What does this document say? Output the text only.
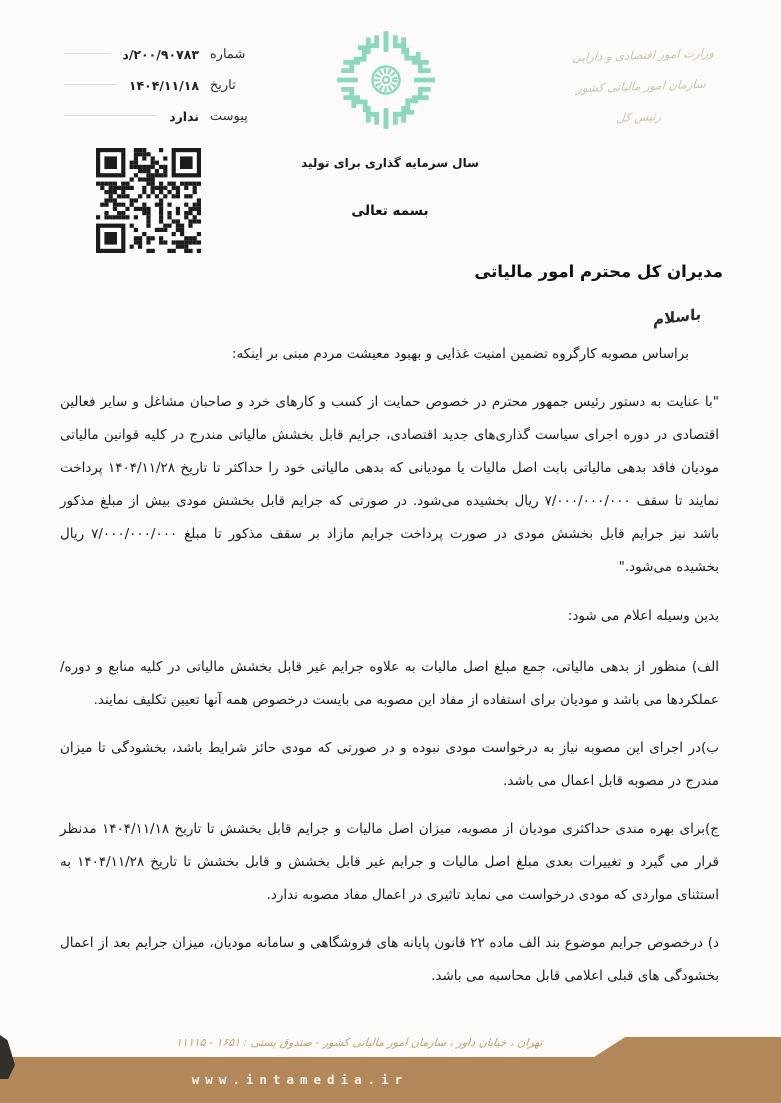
وزارت امور اقتصادی و دارایی
سازمان امور مالیاتی کشور
رئیس کل
شماره
۲۰۰/۹۰۷۸۳/د
تاریخ
۱۴۰۴/۱۱/۱۸
پیوست
ندارد
سال سرمایه گذاری برای تولید
بسمه تعالی
مدیران کل محترم امور مالیاتی
باسلام

براساس مصوبه کارگروه تضمین امنیت غذایی و بهبود معیشت مردم مبنی بر اینکه:

"با عنایت به دستور رئیس جمهور محترم در خصوص حمایت از کسب و کارهای خرد و صاحبان مشاغل و سایر فعالین اقتصادی در دوره اجرای سیاست گذاری‌های جدید اقتصادی، جرایم قابل بخشش مالیاتی مندرج در کلیه قوانین مالیاتی مودیان فاقد بدهی مالیاتی بابت اصل مالیات یا مودیانی که بدهی مالیاتی خود را حداکثر تا تاریخ ۱۴۰۴/۱۱/۲۸ پرداخت نمایند تا سقف ۷/۰۰۰/۰۰۰/۰۰۰ ریال بخشیده می‌شود. در صورتی که جرایم قابل بخشش مودی بیش از مبلغ مذکور باشد نیز جرایم قابل بخشش مودی در صورت پرداخت جرایم مازاد بر سقف مذکور تا مبلغ ۷/۰۰۰/۰۰۰/۰۰۰ ریال بخشیده می‌شود."

بدین وسیله اعلام می شود:

الف) منظور از بدهی مالیاتی، جمع مبلغ اصل مالیات به علاوه جرایم غیر قابل بخشش مالیاتی در کلیه منابع و دوره/عملکردها می باشد و مودیان برای استفاده از مفاد این مصوبه می بایست درخصوص همه آنها تعیین تکلیف نمایند.

ب)در اجرای این مصوبه نیاز به درخواست مودی نبوده و در صورتی که مودی حائز شرایط باشد، بخشودگی تا میزان مندرج در مصوبه قابل اعمال می باشد.

ج)برای بهره مندی حداکثری مودیان از مصوبه، میزان اصل مالیات و جرایم قابل بخشش تا تاریخ ۱۴۰۴/۱۱/۱۸ مدنظر قرار می گیرد و تغییرات بعدی مبلغ اصل مالیات و جرایم غیر قابل بخشش و قابل بخشش تا تاریخ ۱۴۰۴/۱۱/۲۸ به استثنای مواردی که مودی درخواست می نماید تاثیری در اعمال مفاد مصوبه ندارد.

د) درخصوص جرایم موضوع بند الف ماده ۲۲ قانون پایانه های فروشگاهی و سامانه مودیان، میزان جرایم بعد از اعمال بخشودگی های قبلی اعلامی قابل محاسبه می باشد.

تهران ، خیابان داور ، سازمان امور مالیاتی کشور - صندوق پستی : ۱۶۵۱ - ۱۱۱۱۵
www.intamedia.ir
